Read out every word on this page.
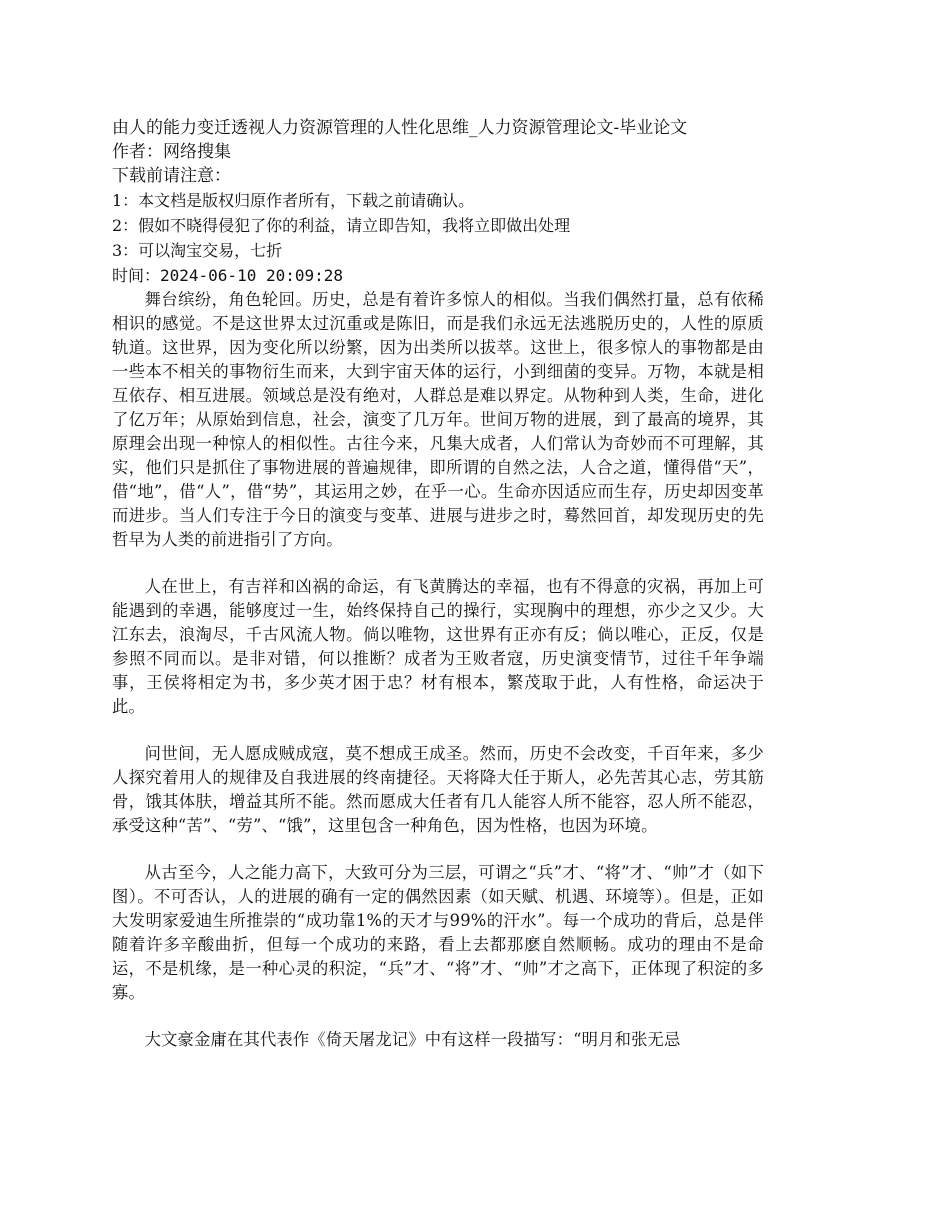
由人的能力变迁透视人力资源管理的人性化思维_人力资源管理论文-毕业论文

作者：网络搜集

下载前请注意：

1：本文档是版权归原作者所有，下载之前请确认。

2：假如不晓得侵犯了你的利益，请立即告知，我将立即做出处理

3：可以淘宝交易，七折

时间：2024-06-10 20:09:28

舞台缤纷，角色轮回。历史，总是有着许多惊人的相似。当我们偶然打量，总有依稀相识的感觉。不是这世界太过沉重或是陈旧，而是我们永远无法逃脱历史的，人性的原质轨道。这世界，因为变化所以纷繁，因为出类所以拔萃。这世上，很多惊人的事物都是由一些本不相关的事物衍生而来，大到宇宙天体的运行，小到细菌的变异。万物，本就是相互依存、相互进展。领域总是没有绝对，人群总是难以界定。从物种到人类，生命，进化了亿万年；从原始到信息，社会，演变了几万年。世间万物的进展，到了最高的境界，其原理会出现一种惊人的相似性。古往今来，凡集大成者，人们常认为奇妙而不可理解，其实，他们只是抓住了事物进展的普遍规律，即所谓的自然之法，人合之道，懂得借“天”，借“地”，借“人”，借“势”，其运用之妙，在乎一心。生命亦因适应而生存，历史却因变革而进步。当人们专注于今日的演变与变革、进展与进步之时，蓦然回首，却发现历史的先哲早为人类的前进指引了方向。

人在世上，有吉祥和凶祸的命运，有飞黄腾达的幸福，也有不得意的灾祸，再加上可能遇到的幸遇，能够度过一生，始终保持自己的操行，实现胸中的理想，亦少之又少。大江东去，浪淘尽，千古风流人物。倘以唯物，这世界有正亦有反；倘以唯心，正反，仅是参照不同而以。是非对错，何以推断？成者为王败者寇，历史演变情节，过往千年争端事，王侯将相定为书，多少英才困于忠？材有根本，繁茂取于此，人有性格，命运决于此。

问世间，无人愿成贼成寇，莫不想成王成圣。然而，历史不会改变，千百年来，多少人探究着用人的规律及自我进展的终南捷径。天将降大任于斯人，必先苦其心志，劳其筋骨，饿其体肤，增益其所不能。然而愿成大任者有几人能容人所不能容，忍人所不能忍，承受这种“苦”、“劳”、“饿”，这里包含一种角色，因为性格，也因为环境。

从古至今，人之能力高下，大致可分为三层，可谓之“兵”才、“将”才、“帅”才（如下图）。不可否认，人的进展的确有一定的偶然因素（如天赋、机遇、环境等）。但是，正如大发明家爱迪生所推崇的“成功靠1%的天才与99%的汗水”。每一个成功的背后，总是伴随着许多辛酸曲折，但每一个成功的来路，看上去都那麽自然顺畅。成功的理由不是命运，不是机缘，是一种心灵的积淀，“兵”才、“将”才、“帅”才之高下，正体现了积淀的多寡。

大文豪金庸在其代表作《倚天屠龙记》中有这样一段描写：“明月和张无忌
